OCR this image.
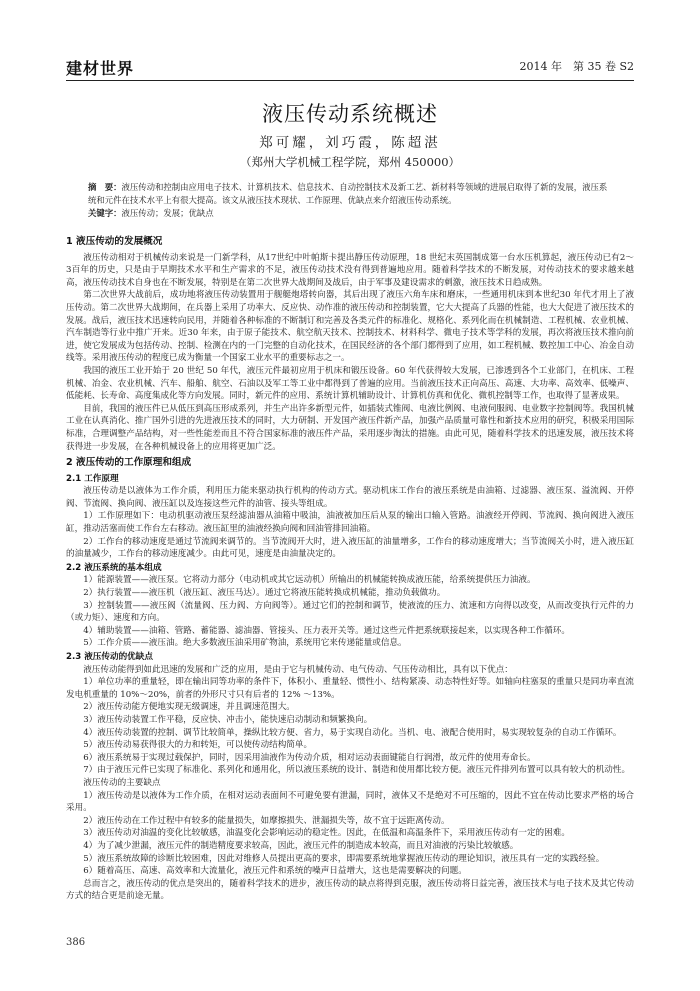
建材世界	2014 年　第 35 卷 S2
液压传动系统概述
郑可耀，刘巧霞，陈超湛
（郑州大学机械工程学院，郑州 450000）
摘　要：液压传动和控制由应用电子技术、计算机技术、信息技术、自动控制技术及新工艺、新材料等领域的进展启取得了新的发展，液压系统和元件在技术水平上有很大提高。该文从液压技术现状、工作原理、优缺点来介绍液压传动系统。
关键字：液压传动；发展；优缺点
1 液压传动的发展概况

液压传动相对于机械传动来说是一门新学科，从17世纪中叶帕斯卡提出静压传动原理，18 世纪末英国制成第一台水压机算起，液压传动已有2～3百年的历史，只是由于早期技术水平和生产需求的不足，液压传动技术没有得到普遍地应用。随着科学技术的不断发展，对传动技术的要求越来越高，液压传动技术自身也在不断发展，特别是在第二次世界大战期间及战后，由于军事及建设需求的刺激，液压技术日趋成熟。

第二次世界大战前后，成功地将液压传动装置用于舰艇炮塔转向器，其后出现了液压六角车床和磨床，一些通用机床到本世纪30 年代才用上了液压传动。第二次世界大战期间，在兵器上采用了功率大、反应快、动作准的液压传动和控制装置，它大大提高了兵器的性能，也大大促进了液压技术的发展。战后，液压技术迅速转向民用，并随着各种标准的不断制订和完善及各类元件的标准化、规格化、系列化而在机械制造、工程机械、农业机械、汽车制造等行业中推广开来。近30 年来，由于原子能技术、航空航天技术、控制技术、材料科学、微电子技术等学科的发展，再次将液压技术推向前进，使它发展成为包括传动、控制、检测在内的一门完整的自动化技术，在国民经济的各个部门都得到了应用，如工程机械、数控加工中心、冶金自动线等。采用液压传动的程度已成为衡量一个国家工业水平的重要标志之一。

我国的液压工业开始于 20 世纪 50 年代，液压元件最初应用于机床和锻压设备。60 年代获得较大发展，已渗透到各个工业部门，在机床、工程机械、冶金、农业机械、汽车、船舶、航空、石油以及军工等工业中都得到了普遍的应用。当前液压技术正向高压、高速、大功率、高效率、低噪声、低能耗、长寿命、高度集成化等方向发展。同时，新元件的应用、系统计算机辅助设计、计算机仿真和优化、微机控制等工作，也取得了显著成果。

目前，我国的液压件已从低压到高压形成系列，并生产出许多新型元件，如插装式锥阀、电液比例阀、电液伺服阀、电业数字控制阀等。我国机械工业在认真消化、推广国外引进的先进液压技术的同时，大力研制、开发国产液压件新产品，加强产品质量可靠性和新技术应用的研究，积极采用国际标准，合理调整产品结构，对一些性能差而且不符合国家标准的液压件产品，采用逐步淘汰的措施。由此可见，随着科学技术的迅速发展，液压技术将获得进一步发展，在各种机械设备上的应用将更加广泛。

2 液压传动的工作原理和组成
2.1 工作原理

液压传动是以液体为工作介质，利用压力能来驱动执行机构的传动方式。驱动机床工作台的液压系统是由油箱、过滤器、液压泵、溢流阀、开停阀、节流阀、换向阀、液压缸以及连接这些元件的油管、接头等组成。

1）工作原理如下：电动机驱动液压泵经滤油器从油箱中吸油，油液被加压后从泵的输出口输入管路。油液经开停阀、节流阀、换向阀进入液压缸，推动活塞而使工作台左右移动。液压缸里的油液经换向阀和回油管排回油箱。

2）工作台的移动速度是通过节流阀来调节的。当节流阀开大时，进入液压缸的油量增多，工作台的移动速度增大；当节流阀关小时，进入液压缸的油量减少，工作台的移动速度减少。由此可见，速度是由油量决定的。

2.2 液压系统的基本组成

1）能源装置——液压泵。它将动力部分（电动机或其它远动机）所输出的机械能转换成液压能，给系统提供压力油液。

2）执行装置——液压机（液压缸、液压马达）。通过它将液压能转换成机械能，推动负载做功。

3）控制装置——液压阀（流量阀、压力阀、方向阀等）。通过它们的控制和调节，使液流的压力、流速和方向得以改变，从而改变执行元件的力（或力矩）、速度和方向。

4）辅助装置——油箱、管路、蓄能器、滤油器、管接头、压力表开关等。通过这些元件把系统联接起来，以实现各种工作循环。

5）工作介质——液压油。绝大多数液压油采用矿物油，系统用它来传递能量或信息。

2.3 液压传动的优缺点

液压传动能得到如此迅速的发展和广泛的应用，是由于它与机械传动、电气传动、气压传动相比，具有以下优点：

1）单位功率的重量轻，即在输出同等功率的条件下，体积小、重量轻、惯性小、结构紧凑、动态特性好等。如轴向柱塞泵的重量只是同功率直流发电机重量的 10%～20%，前者的外形尺寸只有后者的 12% ～13%。

2）液压传动能方便地实现无级调速，并且调速范围大。

3）液压传动装置工作平稳，反应快、冲击小，能快速启动制动和频繁换向。

4）液压传动装置的控制、调节比较简单，操纵比较方便、省力，易于实现自动化。当机、电、液配合使用时，易实现较复杂的自动工作循环。

5）液压传动易获得很大的力和转矩，可以使传动结构简单。

6）液压系统易于实现过载保护，同时，因采用油液作为传动介质，相对运动表面键能自行润滑，故元件的使用寿命长。

7）由于液压元件已实现了标准化、系列化和通用化，所以液压系统的设计、制造和使用都比较方便。液压元件排列布置可以具有较大的机动性。

液压传动的主要缺点

1）液压传动是以液体为工作介质，在相对运动表面间不可避免要有泄漏，同时，液体又不是绝对不可压缩的，因此不宜在传动比要求严格的场合采用。

2）液压传动在工作过程中有较多的能量损失，如摩擦损失、泄漏损失等，故不宜于远距离传动。

3）液压传动对油温的变化比较敏感，油温变化会影响运动的稳定性。因此，在低温和高温条件下，采用液压传动有一定的困难。

4）为了减少泄漏，液压元件的制造精度要求较高，因此，液压元件的制造成本较高，而且对油液的污染比较敏感。

5）液压系统故障的诊断比较困难，因此对维修人员提出更高的要求，即需要系统地掌握液压传动的理论知识，液压具有一定的实践经验。

6）随着高压、高速、高效率和大流量化，液压元件和系统的噪声日益增大，这也是需要解决的问题。

总而言之，液压传动的优点是突出的，随着科学技术的进步，液压传动的缺点将得到克服，液压传动将日益完善，液压技术与电子技术及其它传动方式的结合更是前途无量。

386
